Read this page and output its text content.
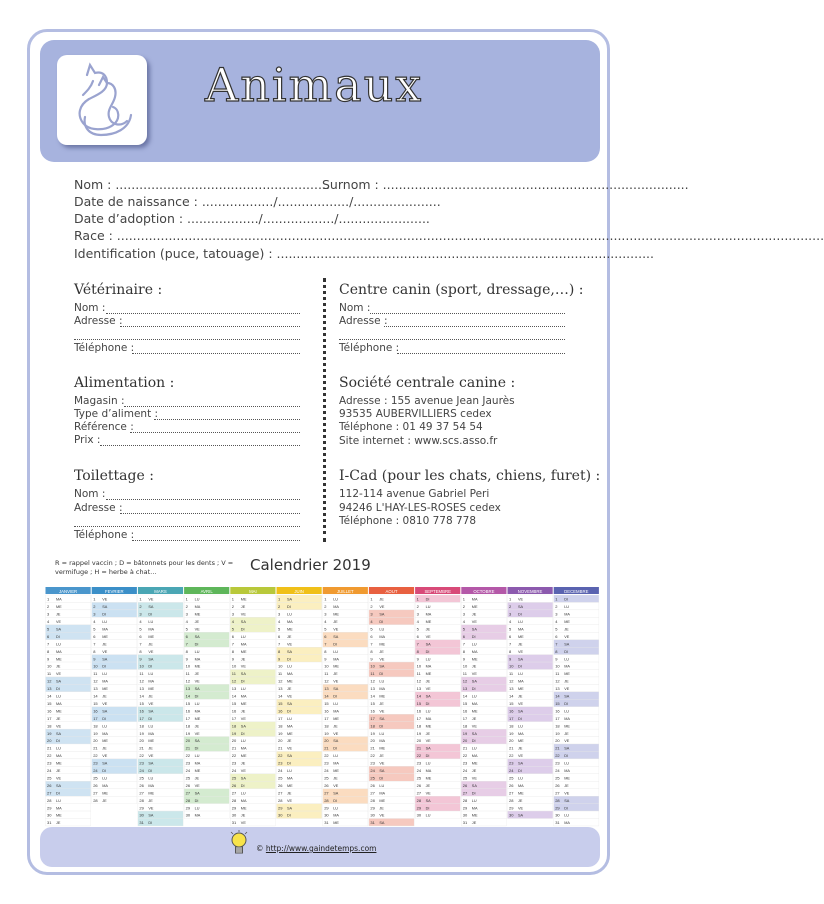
Animaux
Nom : ......................................................
Surnom : .............................................................................
Date de naissance : ................../................../......................
Date d’adoption : ................../................../.......................
Race : ..................................................................................................................................................................................
Identification (puce, tatouage) : ...............................................................................................
Vétérinaire :
Nom :
Adresse :
Téléphone :
Centre canin (sport, dressage,…) :
Nom :
Adresse :
Téléphone :
Alimentation :
Magasin :
Type d’aliment :
Référence :
Prix :
Société centrale canine :
Adresse : 155 avenue Jean Jaurès
93535 AUBERVILLIERS cedex
Téléphone : 01 49 37 54 54
Site internet : www.scs.asso.fr
Toilettage :
Nom :
Adresse :
Téléphone :
I-Cad (pour les chats, chiens, furet) :
112-114 avenue Gabriel Peri
94246 L'HAY-LES-ROSES cedex
Téléphone : 0810 778 778
R = rappel vaccin ; D = bâtonnets pour les dents ; V = vermifuge ; H = herbe à chat…	Calendrier 2019
JANVIER
1 MA
2 ME
3 JE
4 VE
5 SA
6 DI
7 LU
8 MA
9 ME
10 JE
11 VE
12 SA
13 DI
14 LU
15 MA
16 ME
17 JE
18 VE
19 SA
20 DI
21 LU
22 MA
23 ME
24 JE
25 VE
26 SA
27 DI
28 LU
29 MA
30 ME
31 JE
FEVRIER
1 VE
2 SA
3 DI
4 LU
5 MA
6 ME
7 JE
8 VE
9 SA
10 DI
11 LU
12 MA
13 ME
14 JE
15 VE
16 SA
17 DI
18 LU
19 MA
20 ME
21 JE
22 VE
23 SA
24 DI
25 LU
26 MA
27 ME
28 JE
MARS
1 VE
2 SA
3 DI
4 LU
5 MA
6 ME
7 JE
8 VE
9 SA
10 DI
11 LU
12 MA
13 ME
14 JE
15 VE
16 SA
17 DI
18 LU
19 MA
20 ME
21 JE
22 VE
23 SA
24 DI
25 LU
26 MA
27 ME
28 JE
29 VE
30 SA
31 DI
AVRIL
1 LU
2 MA
3 ME
4 JE
5 VE
6 SA
7 DI
8 LU
9 MA
10 ME
11 JE
12 VE
13 SA
14 DI
15 LU
16 MA
17 ME
18 JE
19 VE
20 SA
21 DI
22 LU
23 MA
24 ME
25 JE
26 VE
27 SA
28 DI
29 LU
30 MA
MAI
1 ME
2 JE
3 VE
4 SA
5 DI
6 LU
7 MA
8 ME
9 JE
10 VE
11 SA
12 DI
13 LU
14 MA
15 ME
16 JE
17 VE
18 SA
19 DI
20 LU
21 MA
22 ME
23 JE
24 VE
25 SA
26 DI
27 LU
28 MA
29 ME
30 JE
31 VE
JUIN
1 SA
2 DI
3 LU
4 MA
5 ME
6 JE
7 VE
8 SA
9 DI
10 LU
11 MA
12 ME
13 JE
14 VE
15 SA
16 DI
17 LU
18 MA
19 ME
20 JE
21 VE
22 SA
23 DI
24 LU
25 MA
26 ME
27 JE
28 VE
29 SA
30 DI
JUILLET
1 LU
2 MA
3 ME
4 JE
5 VE
6 SA
7 DI
8 LU
9 MA
10 ME
11 JE
12 VE
13 SA
14 DI
15 LU
16 MA
17 ME
18 JE
19 VE
20 SA
21 DI
22 LU
23 MA
24 ME
25 JE
26 VE
27 SA
28 DI
29 LU
30 MA
31 ME
AOUT
1 JE
2 VE
3 SA
4 DI
5 LU
6 MA
7 ME
8 JE
9 VE
10 SA
11 DI
12 LU
13 MA
14 ME
15 JE
16 VE
17 SA
18 DI
19 LU
20 MA
21 ME
22 JE
23 VE
24 SA
25 DI
26 LU
27 MA
28 ME
29 JE
30 VE
31 SA
SEPTEMBRE
1 DI
2 LU
3 MA
4 ME
5 JE
6 VE
7 SA
8 DI
9 LU
10 MA
11 ME
12 JE
13 VE
14 SA
15 DI
16 LU
17 MA
18 ME
19 JE
20 VE
21 SA
22 DI
23 LU
24 MA
25 ME
26 JE
27 VE
28 SA
29 DI
30 LU
OCTOBRE
1 MA
2 ME
3 JE
4 VE
5 SA
6 DI
7 LU
8 MA
9 ME
10 JE
11 VE
12 SA
13 DI
14 LU
15 MA
16 ME
17 JE
18 VE
19 SA
20 DI
21 LU
22 MA
23 ME
24 JE
25 VE
26 SA
27 DI
28 LU
29 MA
30 ME
31 JE
NOVEMBRE
1 VE
2 SA
3 DI
4 LU
5 MA
6 ME
7 JE
8 VE
9 SA
10 DI
11 LU
12 MA
13 ME
14 JE
15 VE
16 SA
17 DI
18 LU
19 MA
20 ME
21 JE
22 VE
23 SA
24 DI
25 LU
26 MA
27 ME
28 JE
29 VE
30 SA
DECEMBRE
1 DI
2 LU
3 MA
4 ME
5 JE
6 VE
7 SA
8 DI
9 LU
10 MA
11 ME
12 JE
13 VE
14 SA
15 DI
16 LU
17 MA
18 ME
19 JE
20 VE
21 SA
22 DI
23 LU
24 MA
25 ME
26 JE
27 VE
28 SA
29 DI
30 LU
31 MA
© http://www.gaindetemps.com
